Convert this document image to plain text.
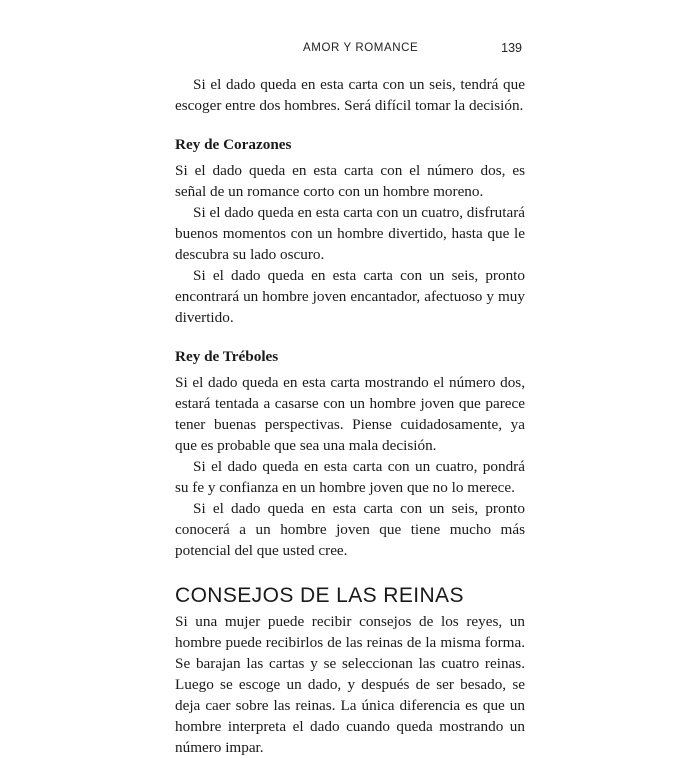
AMOR Y ROMANCE	139

Si el dado queda en esta carta con un seis, tendrá que escoger entre dos hombres. Será difícil tomar la decisión.

Rey de Corazones

Si el dado queda en esta carta con el número dos, es señal de un romance corto con un hombre moreno.

Si el dado queda en esta carta con un cuatro, disfrutará buenos momentos con un hombre divertido, hasta que le descubra su lado oscuro.

Si el dado queda en esta carta con un seis, pronto encontrará un hombre joven encantador, afectuoso y muy divertido.

Rey de Tréboles

Si el dado queda en esta carta mostrando el número dos, estará tentada a casarse con un hombre joven que parece tener buenas perspectivas. Piense cuidadosamente, ya que es probable que sea una mala decisión.

Si el dado queda en esta carta con un cuatro, pondrá su fe y confianza en un hombre joven que no lo merece.

Si el dado queda en esta carta con un seis, pronto conocerá a un hombre joven que tiene mucho más potencial del que usted cree.

CONSEJOS DE LAS REINAS

Si una mujer puede recibir consejos de los reyes, un hombre puede recibirlos de las reinas de la misma forma. Se barajan las cartas y se seleccionan las cuatro reinas. Luego se escoge un dado, y después de ser besado, se deja caer sobre las reinas. La única diferencia es que un hombre interpreta el dado cuando queda mostrando un número impar.
